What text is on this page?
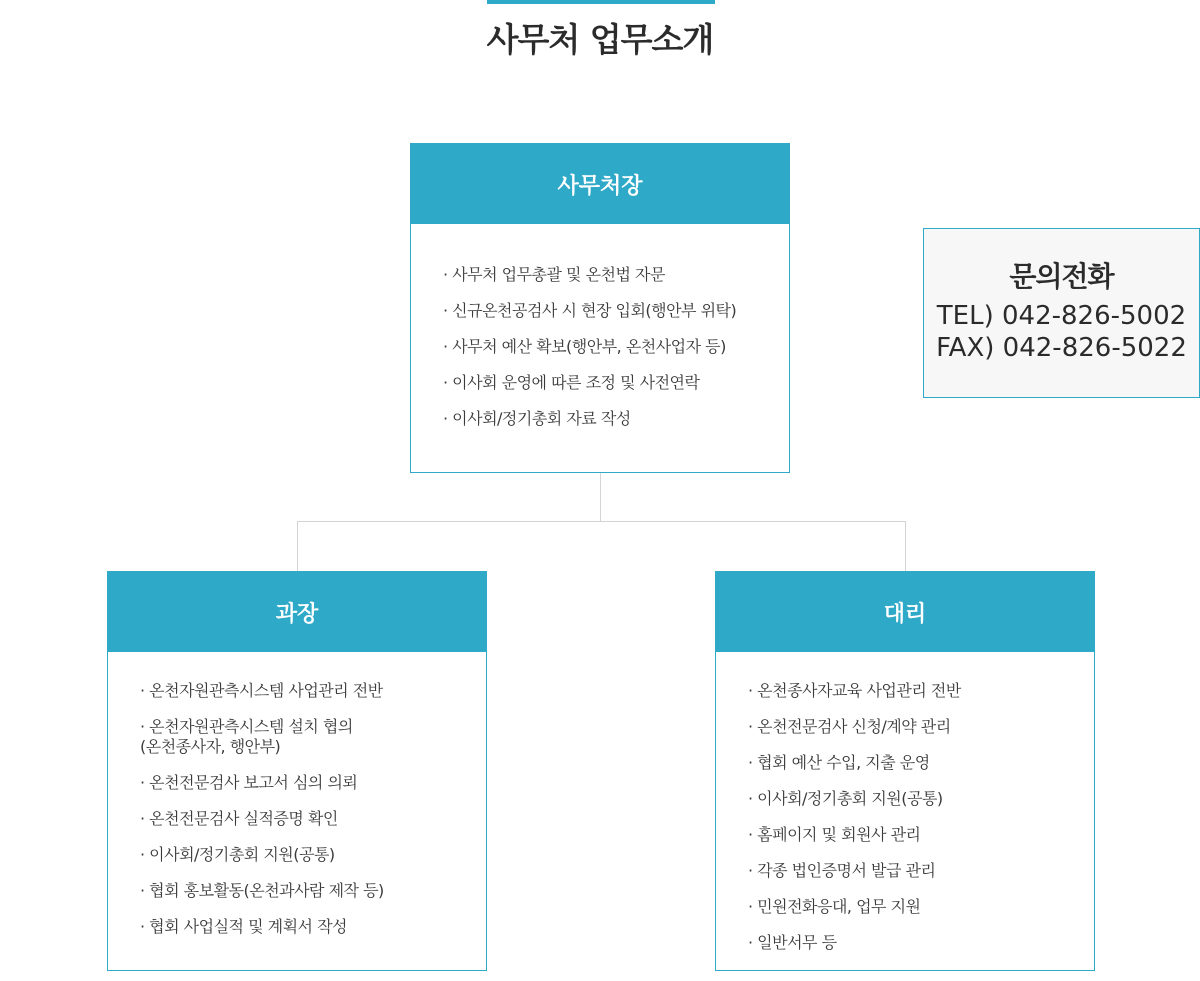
사무처 업무소개
사무처장
· 사무처 업무총괄 및 온천법 자문
· 신규온천공검사 시 현장 입회(행안부 위탁)
· 사무처 예산 확보(행안부, 온천사업자 등)
· 이사회 운영에 따른 조정 및 사전연락
· 이사회/정기총회 자료 작성
과장
· 온천자원관측시스템 사업관리 전반
· 온천자원관측시스템 설치 협의
(온천종사자, 행안부)
· 온천전문검사 보고서 심의 의뢰
· 온천전문검사 실적증명 확인
· 이사회/정기총회 지원(공통)
· 협회 홍보활동(온천과사람 제작 등)
· 협회 사업실적 및 계획서 작성
대리
· 온천종사자교육 사업관리 전반
· 온천전문검사 신청/계약 관리
· 협회 예산 수입, 지출 운영
· 이사회/정기총회 지원(공통)
· 홈페이지 및 회원사 관리
· 각종 법인증명서 발급 관리
· 민원전화응대, 업무 지원
· 일반서무 등
문의전화
TEL) 042-826-5002
FAX) 042-826-5022
